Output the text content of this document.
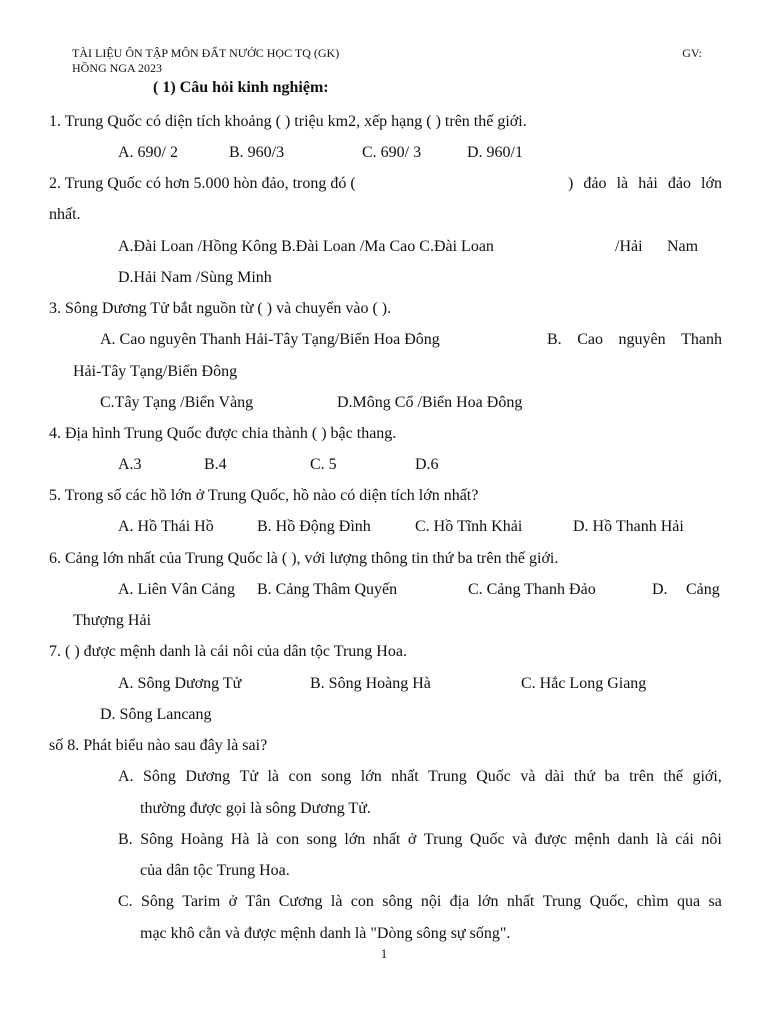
TÀI LIỆU ÔN TẬP MÔN ĐẤT NƯỚC HỌC TQ (GK)	GV:
HỒNG NGA 2023
( 1) Câu hỏi kinh nghiệm:
1. Trung Quốc có diện tích khoảng ( ) triệu km2, xếp hạng ( ) trên thế giới.
A. 690/ 2	B. 960/3	C. 690/ 3	D. 960/1
2. Trung Quốc có hơn 5.000 hòn đảo, trong đó (	) đảo là hải đảo lớn
nhất.
A.Đài Loan /Hồng Kông B.Đài Loan /Ma Cao C.Đài Loan	/Hải Nam
D.Hải Nam /Sùng Minh
3. Sông Dương Tử bắt nguồn từ ( ) và chuyển vào ( ).
A. Cao nguyên Thanh Hải-Tây Tạng/Biển Hoa Đông	B. Cao nguyên Thanh
Hải-Tây Tạng/Biển Đông
C.Tây Tạng /Biển Vàng	D.Mông Cổ /Biển Hoa Đông
4. Địa hình Trung Quốc được chia thành ( ) bậc thang.
A.3	B.4	C. 5	D.6
5. Trong số các hồ lớn ở Trung Quốc, hồ nào có diện tích lớn nhất?
A. Hồ Thái Hồ	B. Hồ Động Đình	C. Hồ Tĩnh Khải	D. Hồ Thanh Hải
6. Cảng lớn nhất của Trung Quốc là ( ), với lượng thông tin thứ ba trên thế giới.
A. Liên Vân Cảng B. Cảng Thâm Quyến	C. Cảng Thanh Đảo	D. Cảng
Thượng Hải
7. ( ) được mệnh danh là cái nôi của dân tộc Trung Hoa.
A. Sông Dương Tử	B. Sông Hoàng Hà	C. Hắc Long Giang
D. Sông Lancang
số 8. Phát biểu nào sau đây là sai?
A. Sông Dương Tử là con song lớn nhất Trung Quốc và dài thứ ba trên thế giới,
thường được gọi là sông Dương Tử.
B. Sông Hoàng Hà là con song lớn nhất ở Trung Quốc và được mệnh danh là cái nôi
của dân tộc Trung Hoa.
C. Sông Tarim ở Tân Cương là con sông nội địa lớn nhất Trung Quốc, chìm qua sa
mạc khô cằn và được mệnh danh là "Dòng sông sự sống".
1
